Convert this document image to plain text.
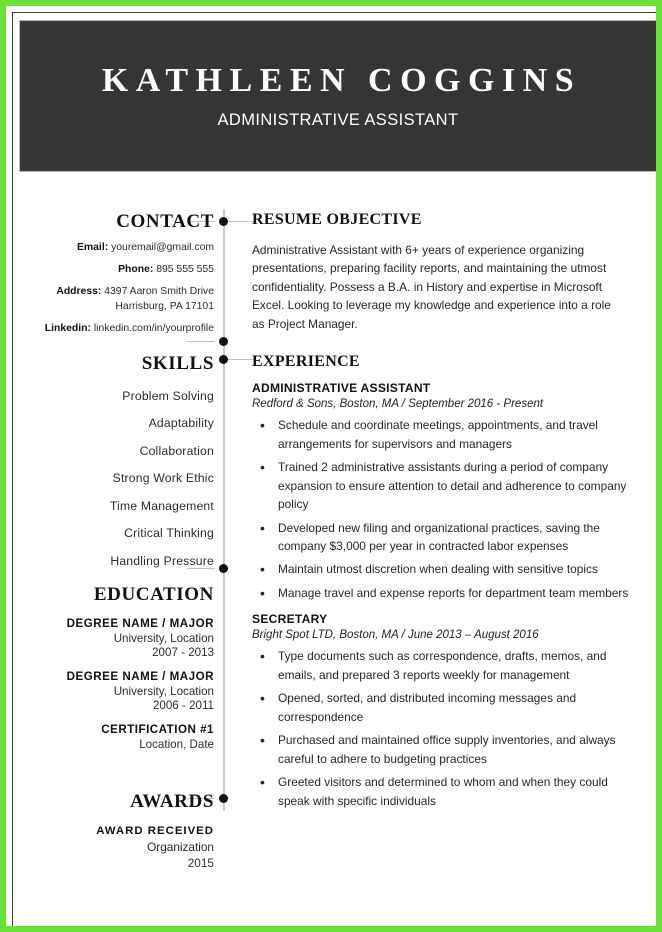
KATHLEEN COGGINS
ADMINISTRATIVE ASSISTANT
CONTACT
Email: youremail@gmail.com
Phone: 895 555 555
Address: 4397 Aaron Smith Drive
Harrisburg, PA 17101
Linkedin: linkedin.com/in/yourprofile
SKILLS
Problem Solving
Adaptability
Collaboration
Strong Work Ethic
Time Management
Critical Thinking
Handling Pressure
EDUCATION
DEGREE NAME / MAJOR
University, Location
2007 - 2013
DEGREE NAME / MAJOR
University, Location
2006 - 2011
CERTIFICATION #1
Location, Date
AWARDS
AWARD RECEIVED
Organization
2015
RESUME OBJECTIVE
Administrative Assistant with 6+ years of experience organizing presentations, preparing facility reports, and maintaining the utmost confidentiality. Possess a B.A. in History and expertise in Microsoft Excel. Looking to leverage my knowledge and experience into a role as Project Manager.
EXPERIENCE
ADMINISTRATIVE ASSISTANT
Redford & Sons, Boston, MA / September 2016 - Present
• Schedule and coordinate meetings, appointments, and travel arrangements for supervisors and managers
• Trained 2 administrative assistants during a period of company expansion to ensure attention to detail and adherence to company policy
• Developed new filing and organizational practices, saving the company $3,000 per year in contracted labor expenses
• Maintain utmost discretion when dealing with sensitive topics
• Manage travel and expense reports for department team members
SECRETARY
Bright Spot LTD, Boston, MA / June 2013 – August 2016
• Type documents such as correspondence, drafts, memos, and emails, and prepared 3 reports weekly for management
• Opened, sorted, and distributed incoming messages and correspondence
• Purchased and maintained office supply inventories, and always careful to adhere to budgeting practices
• Greeted visitors and determined to whom and when they could speak with specific individuals
